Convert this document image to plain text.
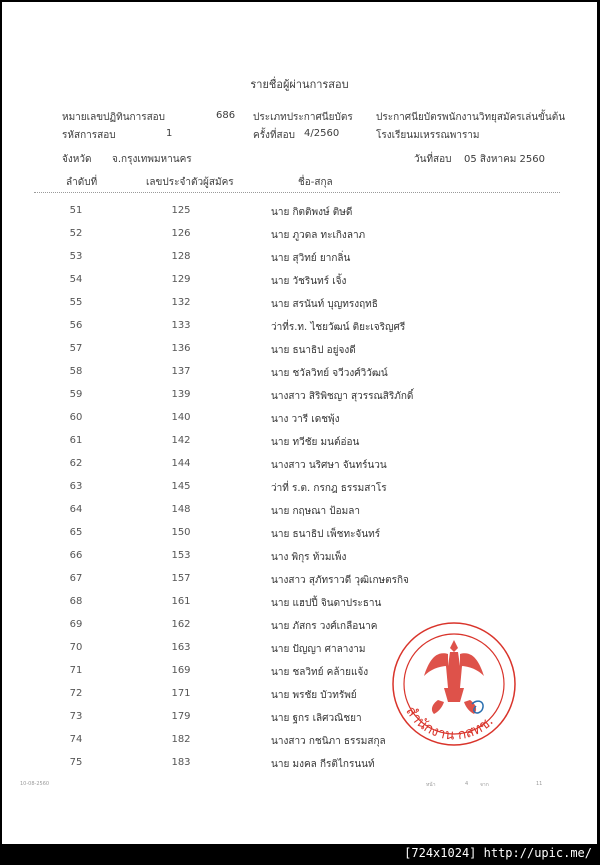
รายชื่อผู้ผ่านการสอบ
หมายเลขปฏิทินการสอบ	686 ประเภทประกาศนียบัตร ประกาศนียบัตรพนักงานวิทยุสมัครเล่นขั้นต้น
รหัสการสอบ	1	ครั้งที่สอบ 4/2560	โรงเรียนมเหรรณพาราม
จังหวัด จ.กรุงเทพมหานคร	วันที่สอบ 05 สิงหาคม 2560
ลำดับที่	เลขประจำตัวผู้สมัคร	ชื่อ-สกุล
51	125	นาย กิตติพงษ์ ติษดี
52	126	นาย ภูวดล ทะเกิงลาภ
53	128	นาย สุวิทย์ ยากลิ่น
54	129	นาย วัชรินทร์ เจิ้ง
55	132	นาย สรนันท์ บุญทรงฤทธิ
56	133	ว่าที่ร.ท. ไชยวัฒน์ ติยะเจริญศรี
57	136	นาย ธนาธิป อยู่จงดี
58	137	นาย ชวัลวิทย์ จวีวงศ์วิวัฒน์
59	139	นางสาว สิริพิชญา สุวรรณสิริภักดิ์
60	140	นาง วารี เดชพุ้ง
61	142	นาย ทวีชัย มนต์อ่อน
62	144	นางสาว นริศษา จันทร์นวน
63	145	ว่าที่ ร.ต. กรกฎ ธรรมสาโร
64	148	นาย กฤษณา ป้อมลา
65	150	นาย ธนาธิป เพ็ชทะจันทร์
66	153	นาง พิกุร ท้วมเพ็ง
67	157	นางสาว สุภัทราวดี วุฒิเกษตรกิจ
68	161	นาย แฮปปี้ จินดาประธาน
69	162	นาย ภัสกร วงศ์เกลือนาค
70	163	นาย ปัญญา ศาลางาม
71	169	นาย ชลวิทย์ คล้ายแจ้ง
72	171	นาย พรชัย บัวทรัพย์
73	179	นาย ฐกร เลิศวณิชยา
74	182	นางสาว กชนิภา ธรรมสกุล
75	183	นาย มงคล กีรติไกรนนท์
สำนักงาน กสทช.
10-08-2560	หน้า	4 จาก	11
[724x1024] http://upic.me/
